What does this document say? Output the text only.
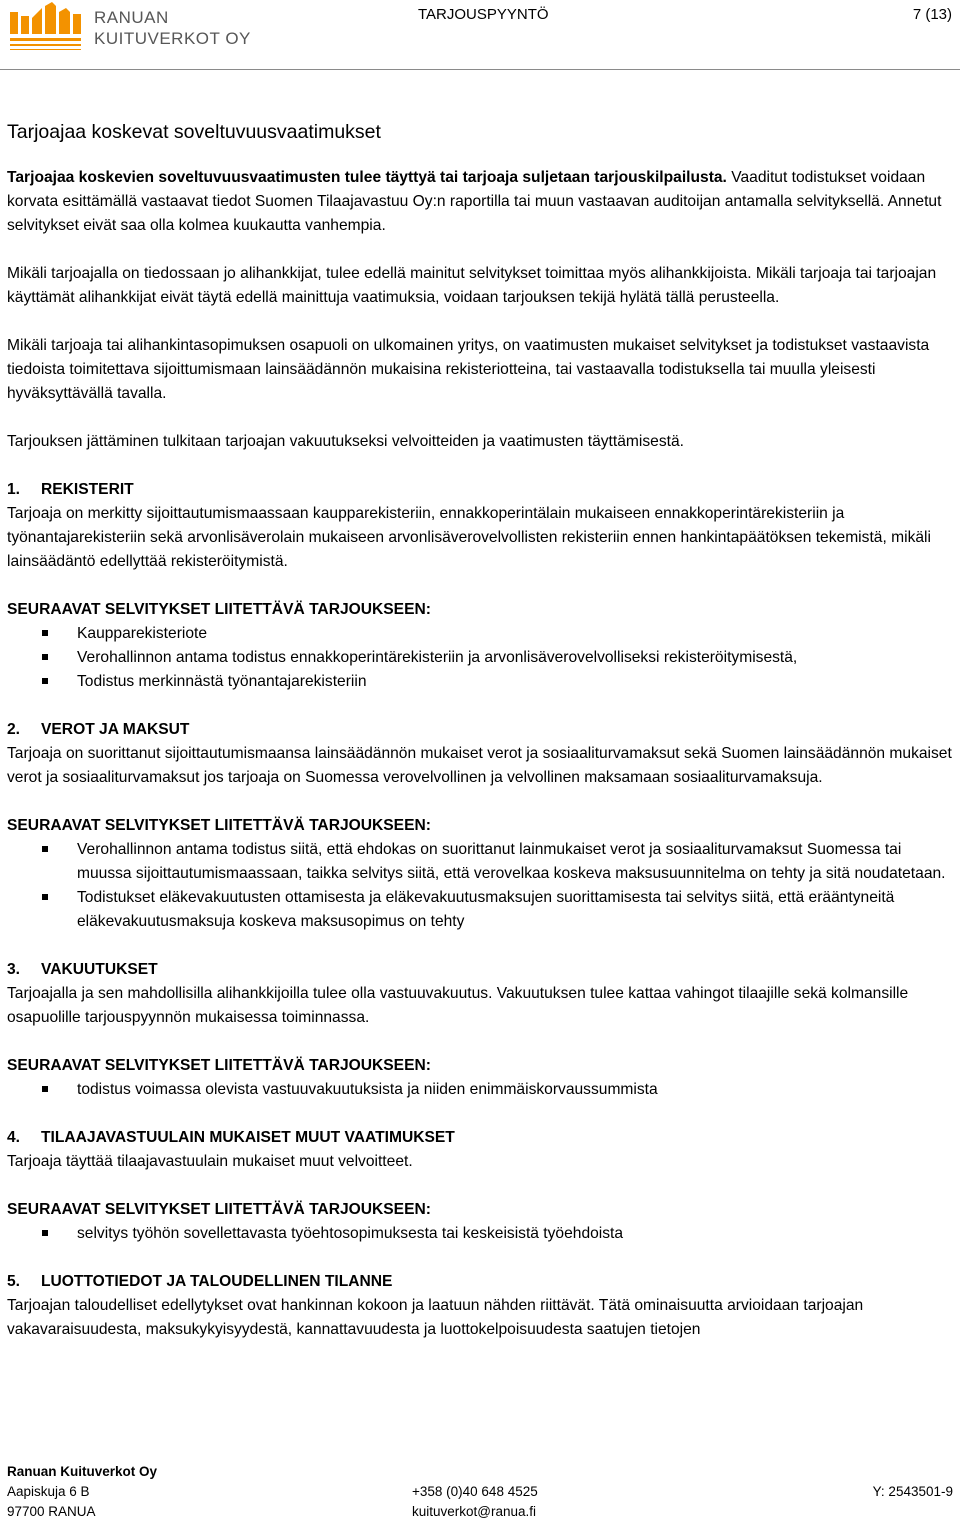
RANUAN
KUITUVERKOT OY
TARJOUSPYYNTÖ	7 (13)

Tarjoajaa koskevat soveltuvuusvaatimukset

Tarjoajaa koskevien soveltuvuusvaatimusten tulee täyttyä tai tarjoaja suljetaan tarjouskilpailusta. Vaaditut todistukset voidaan korvata esittämällä vastaavat tiedot Suomen Tilaajavastuu Oy:n raportilla tai muun vastaavan auditoijan antamalla selvityksellä. Annetut selvitykset eivät saa olla kolmea kuukautta vanhempia.

Mikäli tarjoajalla on tiedossaan jo alihankkijat, tulee edellä mainitut selvitykset toimittaa myös alihankkijoista. Mikäli tarjoaja tai tarjoajan käyttämät alihankkijat eivät täytä edellä mainittuja vaatimuksia, voidaan tarjouksen tekijä hylätä tällä perusteella.

Mikäli tarjoaja tai alihankintasopimuksen osapuoli on ulkomainen yritys, on vaatimusten mukaiset selvitykset ja todistukset vastaavista tiedoista toimitettava sijoittumismaan lainsäädännön mukaisina rekisteriotteina, tai vastaavalla todistuksella tai muulla yleisesti hyväksyttävällä tavalla.

Tarjouksen jättäminen tulkitaan tarjoajan vakuutukseksi velvoitteiden ja vaatimusten täyttämisestä.

1. REKISTERIT

Tarjoaja on merkitty sijoittautumismaassaan kaupparekisteriin, ennakkoperintälain mukaiseen ennakkoperintärekisteriin ja työnantajarekisteriin sekä arvonlisäverolain mukaiseen arvonlisäverovelvollisten rekisteriin ennen hankintapäätöksen tekemistä, mikäli lainsäädäntö edellyttää rekisteröitymistä.

SEURAAVAT SELVITYKSET LIITETTÄVÄ TARJOUKSEEN:

Kaupparekisteriote
Verohallinnon antama todistus ennakkoperintärekisteriin ja arvonlisäverovelvolliseksi rekisteröitymisestä,
Todistus merkinnästä työnantajarekisteriin

2. VEROT JA MAKSUT

Tarjoaja on suorittanut sijoittautumismaansa lainsäädännön mukaiset verot ja sosiaaliturvamaksut sekä Suomen lainsäädännön mukaiset verot ja sosiaaliturvamaksut jos tarjoaja on Suomessa verovelvollinen ja velvollinen maksamaan sosiaaliturvamaksuja.

SEURAAVAT SELVITYKSET LIITETTÄVÄ TARJOUKSEEN:

Verohallinnon antama todistus siitä, että ehdokas on suorittanut lainmukaiset verot ja sosiaaliturvamaksut Suomessa tai muussa sijoittautumismaassaan, taikka selvitys siitä, että verovelkaa koskeva maksusuunnitelma on tehty ja sitä noudatetaan.
Todistukset eläkevakuutusten ottamisesta ja eläkevakuutusmaksujen suorittamisesta tai selvitys siitä, että erääntyneitä eläkevakuutusmaksuja koskeva maksusopimus on tehty

3. VAKUUTUKSET

Tarjoajalla ja sen mahdollisilla alihankkijoilla tulee olla vastuuvakuutus. Vakuutuksen tulee kattaa vahingot tilaajille sekä kolmansille osapuolille tarjouspyynnön mukaisessa toiminnassa.

SEURAAVAT SELVITYKSET LIITETTÄVÄ TARJOUKSEEN:

todistus voimassa olevista vastuuvakuutuksista ja niiden enimmäiskorvaussummista

4. TILAAJAVASTUULAIN MUKAISET MUUT VAATIMUKSET

Tarjoaja täyttää tilaajavastuulain mukaiset muut velvoitteet.

SEURAAVAT SELVITYKSET LIITETTÄVÄ TARJOUKSEEN:

selvitys työhön sovellettavasta työehtosopimuksesta tai keskeisistä työehdoista

5. LUOTTOTIEDOT JA TALOUDELLINEN TILANNE

Tarjoajan taloudelliset edellytykset ovat hankinnan kokoon ja laatuun nähden riittävät. Tätä ominaisuutta arvioidaan tarjoajan vakavaraisuudesta, maksukykyisyydestä, kannattavuudesta ja luottokelpoisuudesta saatujen tietojen

Ranuan Kuituverkot Oy
Aapiskuja 6 B
97700 RANUA
+358 (0)40 648 4525
kuituverkot@ranua.fi
Y: 2543501-9
